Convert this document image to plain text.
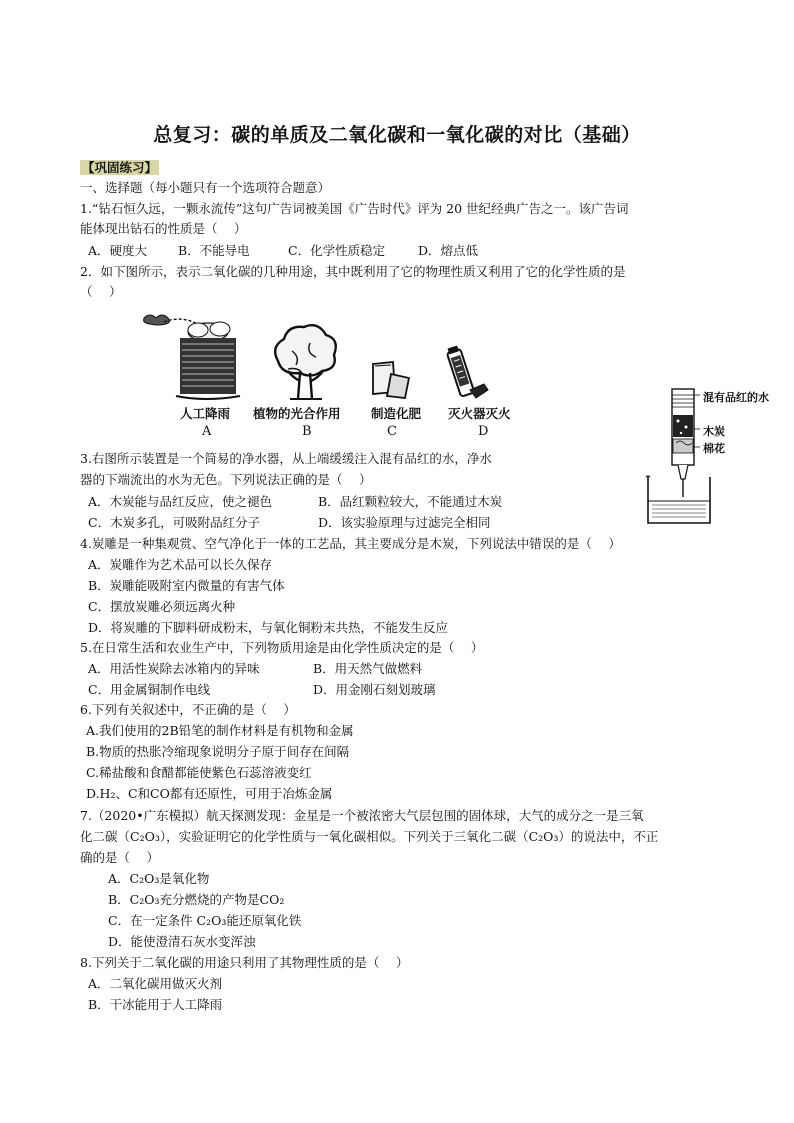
总复习：碳的单质及二氧化碳和一氧化碳的对比（基础）
【巩固练习】
一、选择题（每小题只有一个选项符合题意）
1.“钻石恒久远，一颗永流传”这句广告词被美国《广告时代》评为 20 世纪经典广告之一。该广告词
能体现出钻石的性质是（　 ）
A．硬度大 B．不能导电	C．化学性质稳定	D．熔点低
2．如下图所示，表示二氧化碳的几种用途，其中既利用了它的物理性质又利用了它的化学性质的是
（　 ）
人工降雨 植物的光合作用 制造化肥 灭火器灭火
A	B	C	D
混有品红的水
木炭
棉花
3.右图所示装置是一个简易的净水器，从上端缓缓注入混有品红的水，净水
器的下端流出的水为无色。下列说法正确的是（　 ）
A．木炭能与品红反应，使之褪色	B．品红颗粒较大，不能通过木炭
C．木炭多孔，可吸附品红分子	D．该实验原理与过滤完全相同
4.炭雕是一种集观赏、空气净化于一体的工艺品，其主要成分是木炭，下列说法中错误的是（　 ）
A．炭雕作为艺术品可以长久保存
B．炭雕能吸附室内微量的有害气体
C．摆放炭雕必须远离火种
D．将炭雕的下脚料研成粉末，与氧化铜粉末共热，不能发生反应
5.在日常生活和农业生产中，下列物质用途是由化学性质决定的是（　 ）
A．用活性炭除去冰箱内的异味	B．用天然气做燃料
C．用金属铜制作电线	D．用金刚石刻划玻璃
6.下列有关叙述中，不正确的是（　 ）
A.我们使用的2B铅笔的制作材料是有机物和金属
B.物质的热胀冷缩现象说明分子原于间存在间隔
C.稀盐酸和食醋都能使紫色石蕊溶液变红
D.H₂、C和CO都有还原性，可用于冶炼金属
7.（2020•广东模拟）航天探测发现：金星是一个被浓密大气层包围的固体球，大气的成分之一是三氧
化二碳（C₂O₃），实验证明它的化学性质与一氧化碳相似。下列关于三氧化二碳（C₂O₃）的说法中，不正
确的是（　 ）
A．C₂O₃是氧化物
B．C₂O₃充分燃烧的产物是CO₂
C．在一定条件 C₂O₃能还原氧化铁
D．能使澄清石灰水变浑浊
8.下列关于二氧化碳的用途只利用了其物理性质的是（　 ）
A．二氧化碳用做灭火剂
B．干冰能用于人工降雨
